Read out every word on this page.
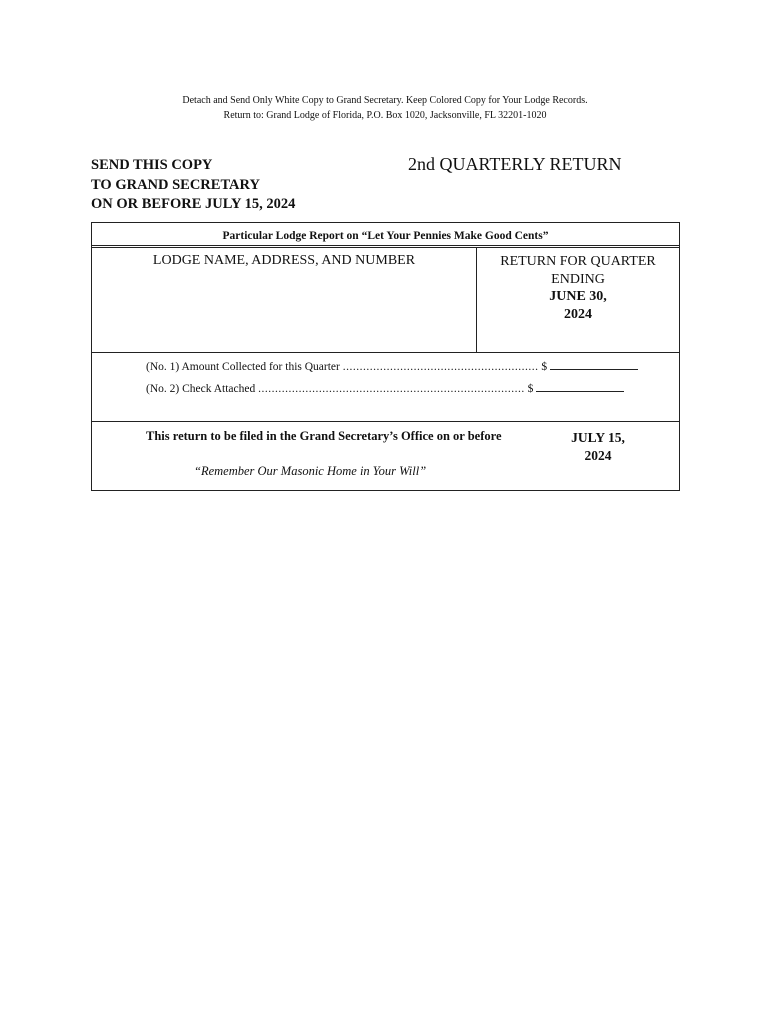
Detach and Send Only White Copy to Grand Secretary. Keep Colored Copy for Your Lodge Records.
Return to: Grand Lodge of Florida, P.O. Box 1020, Jacksonville, FL 32201-1020
SEND THIS COPY
TO GRAND SECRETARY
ON OR BEFORE JULY 15, 2024
2nd QUARTERLY RETURN
Particular Lodge Report on “Let Your Pennies Make Good Cents”
LODGE NAME, ADDRESS, AND NUMBER	RETURN FOR QUARTER
ENDING
JUNE 30,
2024
(No. 1) Amount Collected for this Quarter .......................................................... $
(No. 2) Check Attached ............................................................................... $
This return to be filed in the Grand Secretary’s Office on or before	JULY 15,
2024
“Remember Our Masonic Home in Your Will”
